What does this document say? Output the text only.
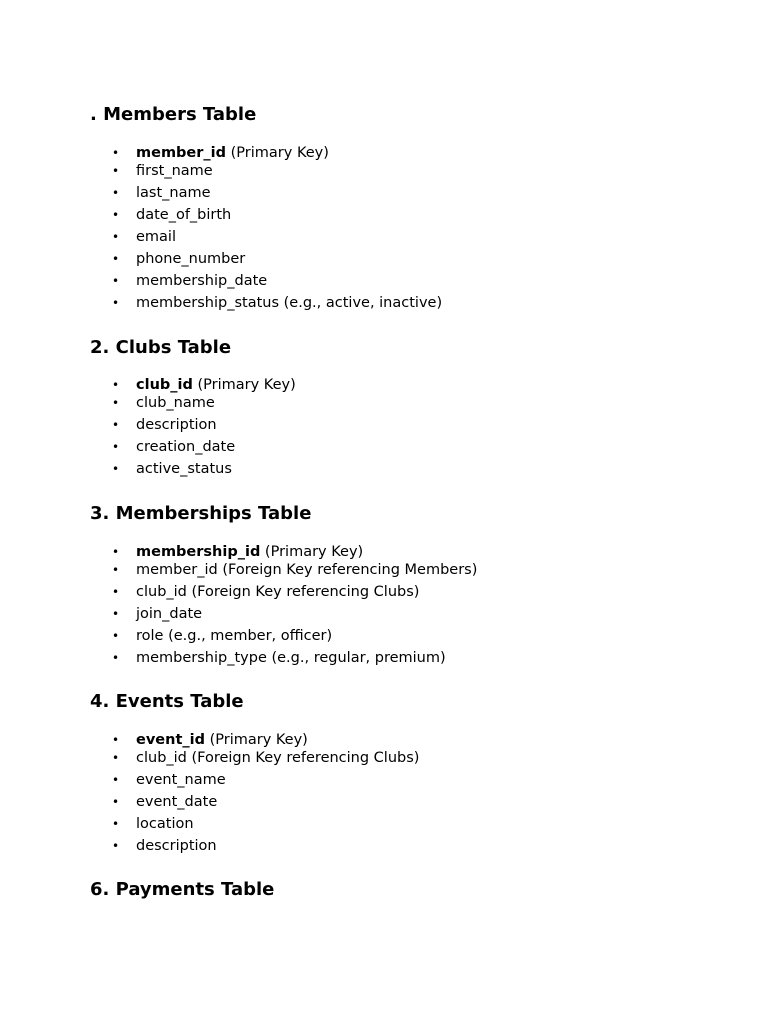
. Members Table
• member_id (Primary Key)
• first_name
• last_name
• date_of_birth
• email
• phone_number
• membership_date
• membership_status (e.g., active, inactive)
2. Clubs Table
• club_id (Primary Key)
• club_name
• description
• creation_date
• active_status
3. Memberships Table
• membership_id (Primary Key)
• member_id (Foreign Key referencing Members)
• club_id (Foreign Key referencing Clubs)
• join_date
• role (e.g., member, officer)
• membership_type (e.g., regular, premium)
4. Events Table
• event_id (Primary Key)
• club_id (Foreign Key referencing Clubs)
• event_name
• event_date
• location
• description
6. Payments Table
